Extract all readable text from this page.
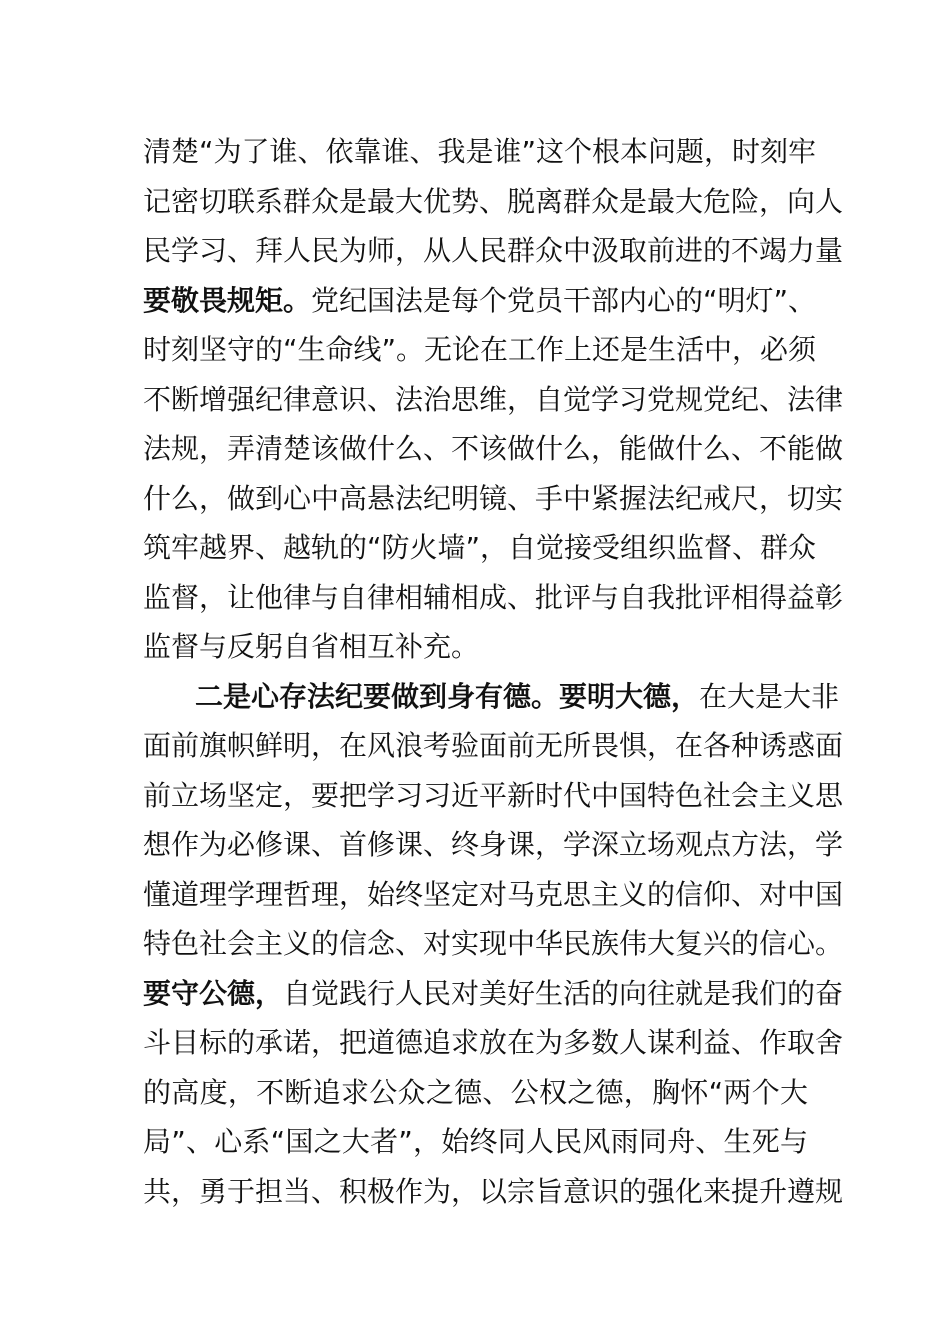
清楚“为了谁、依靠谁、我是谁”这个根本问题，时刻牢
记密切联系群众是最大优势、脱离群众是最大危险，向人
民学习、拜人民为师，从人民群众中汲取前进的不竭力量
要敬畏规矩。党纪国法是每个党员干部内心的“明灯”、
时刻坚守的“生命线”。无论在工作上还是生活中，必须
不断增强纪律意识、法治思维，自觉学习党规党纪、法律
法规，弄清楚该做什么、不该做什么，能做什么、不能做
什么，做到心中高悬法纪明镜、手中紧握法纪戒尺，切实
筑牢越界、越轨的“防火墙”，自觉接受组织监督、群众
监督，让他律与自律相辅相成、批评与自我批评相得益彰
监督与反躬自省相互补充。
二是心存法纪要做到身有德。要明大德，在大是大非
面前旗帜鲜明，在风浪考验面前无所畏惧，在各种诱惑面
前立场坚定，要把学习习近平新时代中国特色社会主义思
想作为必修课、首修课、终身课，学深立场观点方法，学
懂道理学理哲理，始终坚定对马克思主义的信仰、对中国
特色社会主义的信念、对实现中华民族伟大复兴的信心。
要守公德，自觉践行人民对美好生活的向往就是我们的奋
斗目标的承诺，把道德追求放在为多数人谋利益、作取舍
的高度，不断追求公众之德、公权之德，胸怀“两个大
局”、心系“国之大者”，始终同人民风雨同舟、生死与
共，勇于担当、积极作为，以宗旨意识的强化来提升遵规
